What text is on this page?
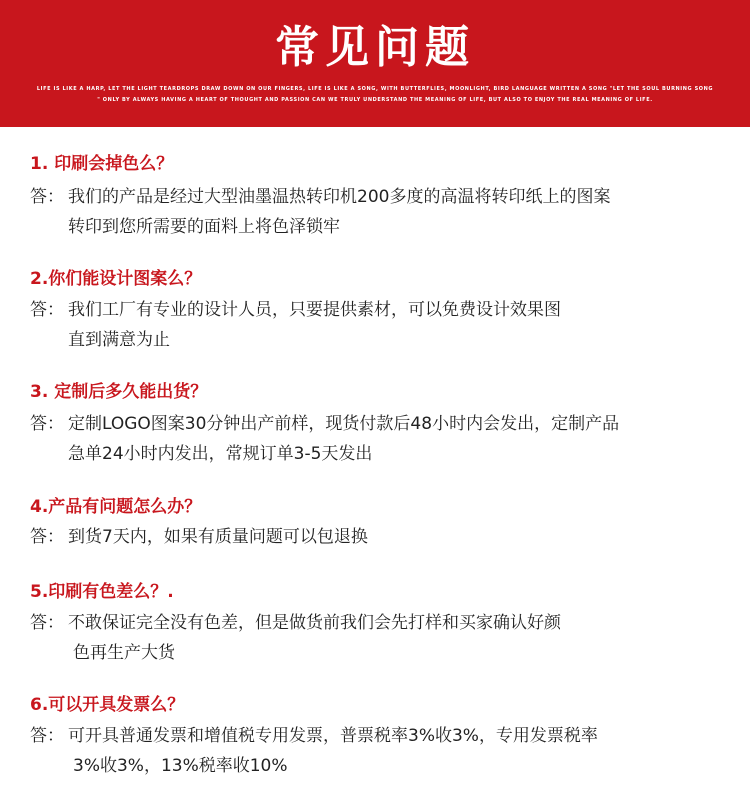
常见问题
LIFE IS LIKE A HARP, LET THE LIGHT TEARDROPS DRAW DOWN ON OUR FINGERS, LIFE IS LIKE A SONG, WITH BUTTERFLIES, MOONLIGHT, BIRD LANGUAGE WRITTEN A SONG "LET THE SOUL BURNING SONG
" ONLY BY ALWAYS HAVING A HEART OF THOUGHT AND PASSION CAN WE TRULY UNDERSTAND THE MEANING OF LIFE, BUT ALSO TO ENJOY THE REAL MEANING OF LIFE.
1. 印刷会掉色么？
答： 我们的产品是经过大型油墨温热转印机200多度的高温将转印纸上的图案
转印到您所需要的面料上将色泽锁牢
2.你们能设计图案么？
答： 我们工厂有专业的设计人员，只要提供素材，可以免费设计效果图
直到满意为止
3. 定制后多久能出货？
答： 定制LOGO图案30分钟出产前样，现货付款后48小时内会发出，定制产品
急单24小时内发出，常规订单3-5天发出
4.产品有问题怎么办？
答： 到货7天内，如果有质量问题可以包退换
5.印刷有色差么？.
答： 不敢保证完全没有色差，但是做货前我们会先打样和买家确认好颜
色再生产大货
6.可以开具发票么？
答： 可开具普通发票和增值税专用发票，普票税率3%收3%，专用发票税率
3%收3%，13%税率收10%
